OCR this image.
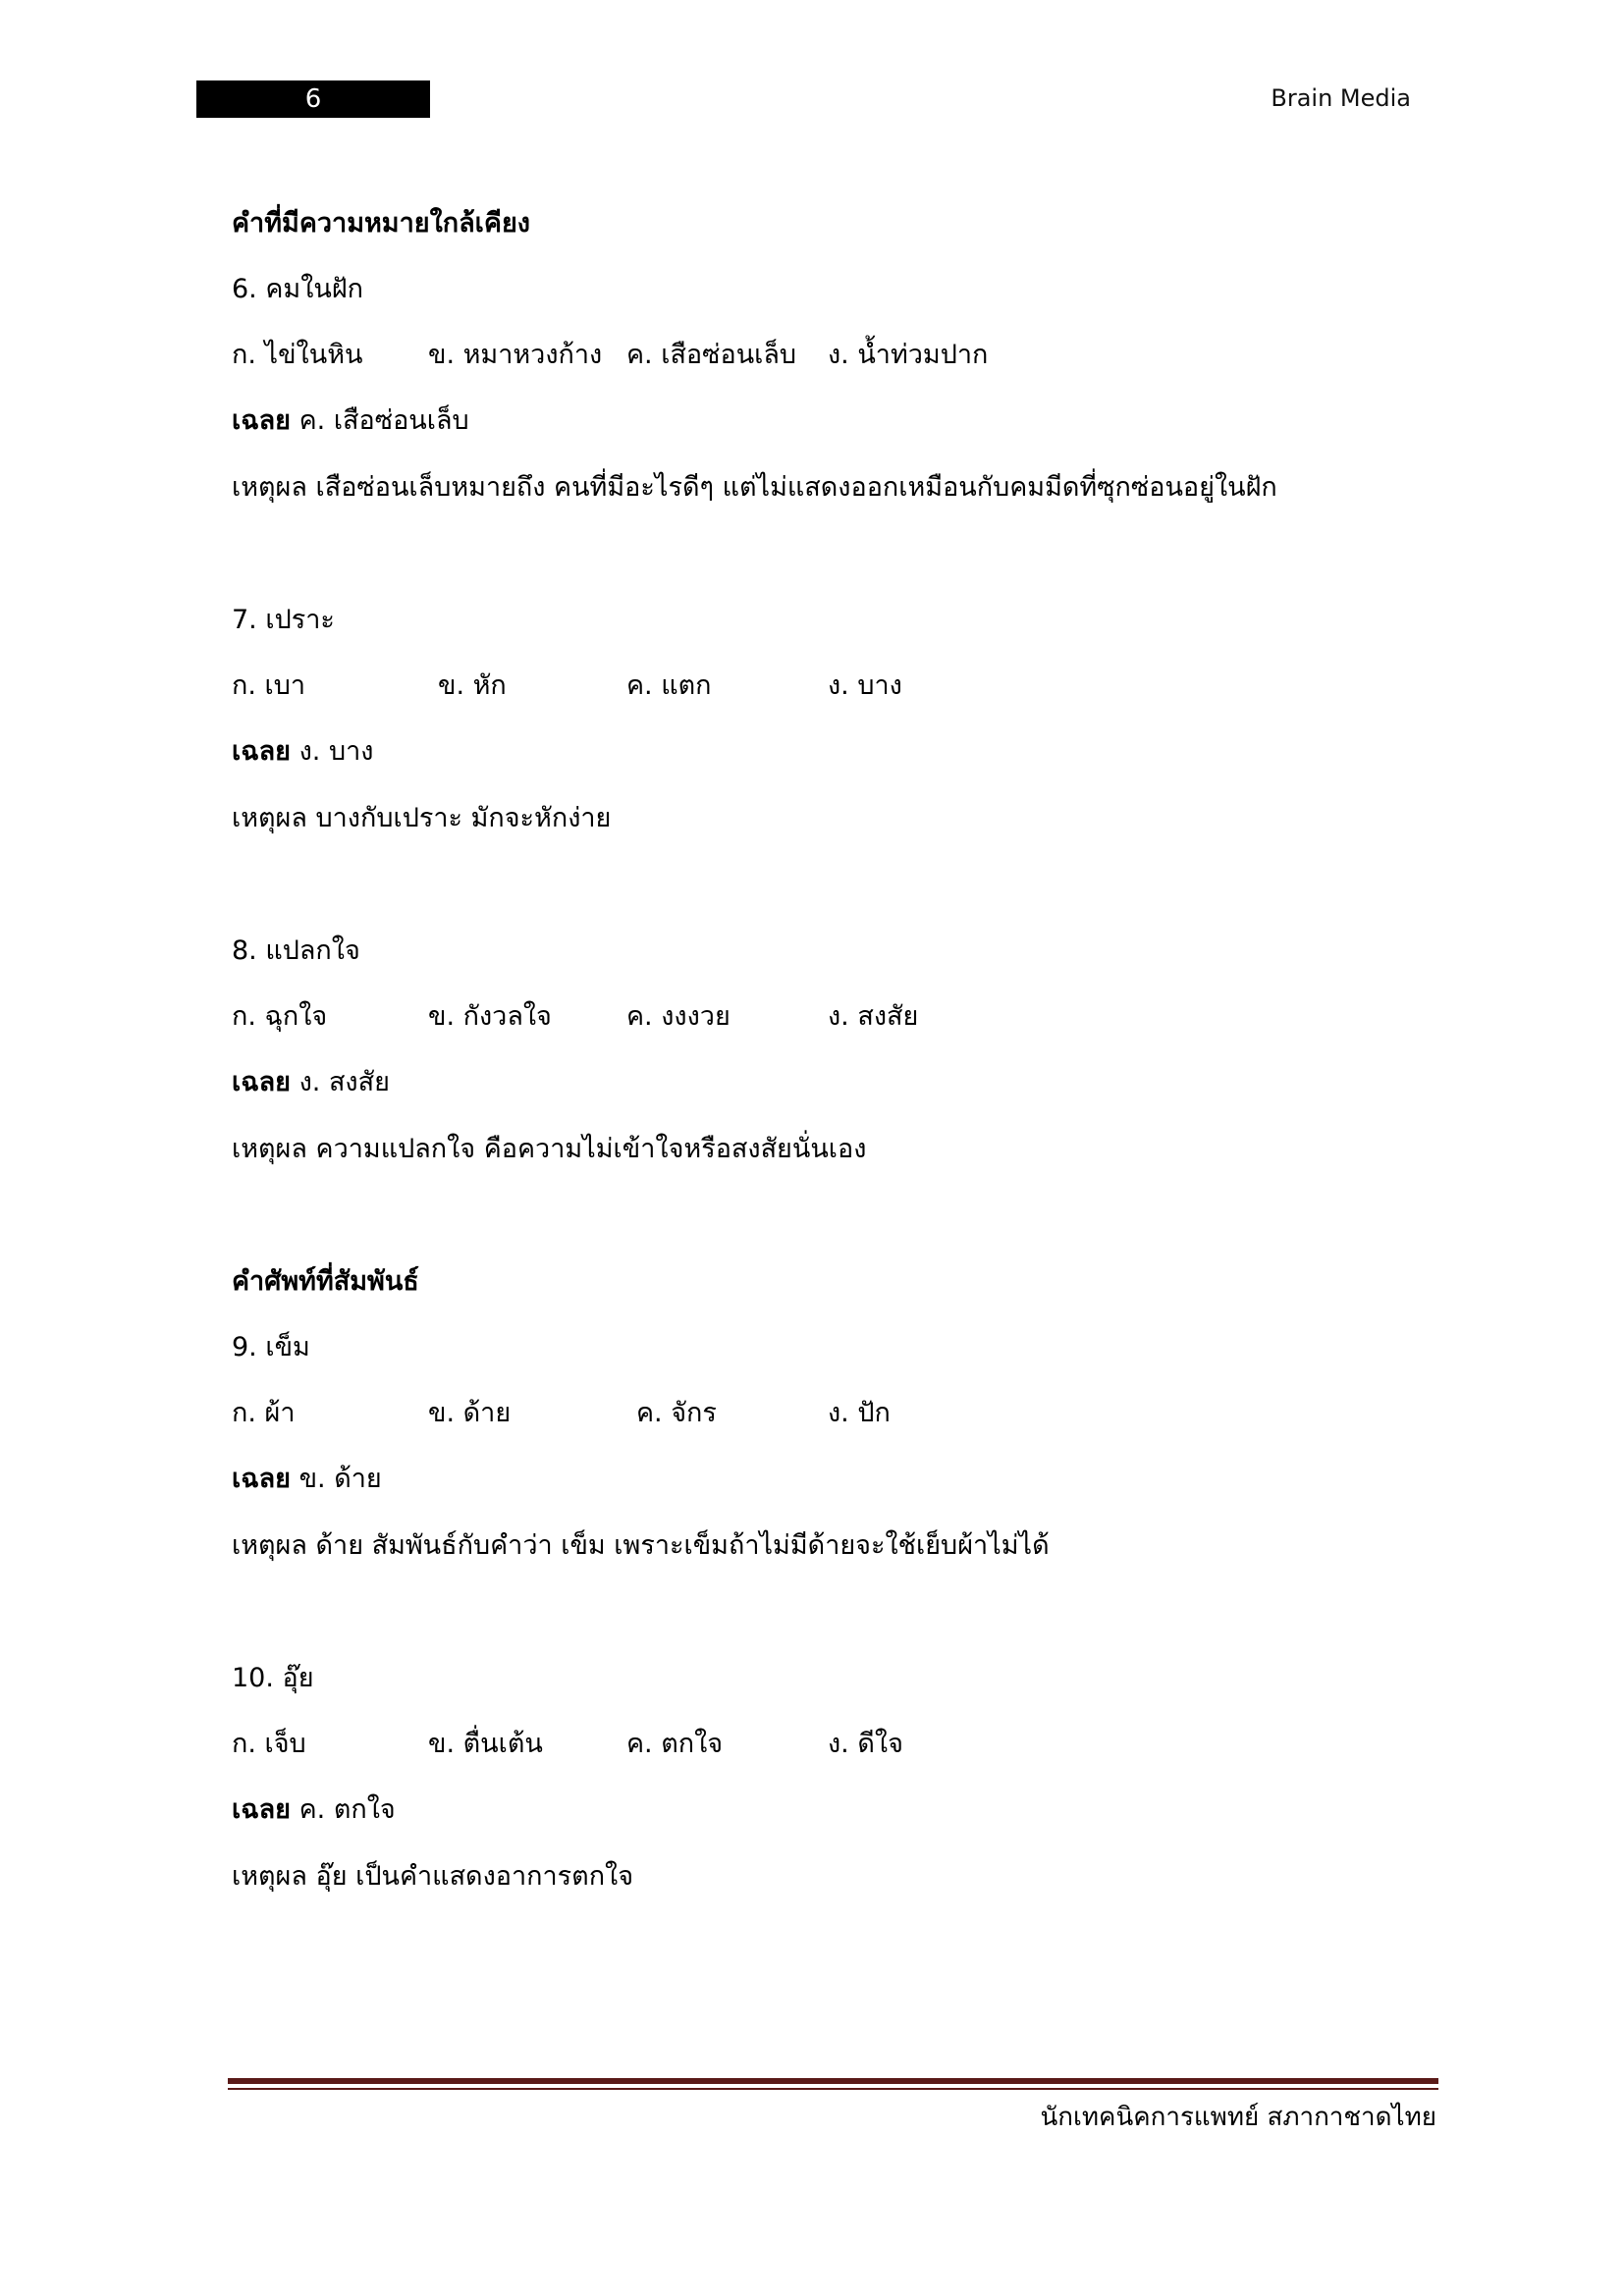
6	Brain Media
คำที่มีความหมายใกล้เคียง
6. คมในฝัก
ก. ไข่ในหิน ข. หมาหวงก้าง ค. เสือซ่อนเล็บ ง. น้ำท่วมปาก
เฉลย ค. เสือซ่อนเล็บ
เหตุผล เสือซ่อนเล็บหมายถึง คนที่มีอะไรดีๆ แต่ไม่แสดงออกเหมือนกับคมมีดที่ซุกซ่อนอยู่ในฝัก
7. เปราะ
ก. เบา	ข. หัก	ค. แตก	ง. บาง
เฉลย ง. บาง
เหตุผล บางกับเปราะ มักจะหักง่าย
8. แปลกใจ
ก. ฉุกใจ	ข. กังวลใจ	ค. งงงวย	ง. สงสัย
เฉลย ง. สงสัย
เหตุผล ความแปลกใจ คือความไม่เข้าใจหรือสงสัยนั่นเอง
คำศัพท์ที่สัมพันธ์
9. เข็ม
ก. ผ้า	ข. ด้าย	ค. จักร	ง. ปัก
เฉลย ข. ด้าย
เหตุผล ด้าย สัมพันธ์กับคำว่า เข็ม เพราะเข็มถ้าไม่มีด้ายจะใช้เย็บผ้าไม่ได้
10. อุ๊ย
ก. เจ็บ	ข. ตื่นเต้น	ค. ตกใจ	ง. ดีใจ
เฉลย ค. ตกใจ
เหตุผล อุ๊ย เป็นคำแสดงอาการตกใจ
นักเทคนิคการแพทย์ สภากาชาดไทย
